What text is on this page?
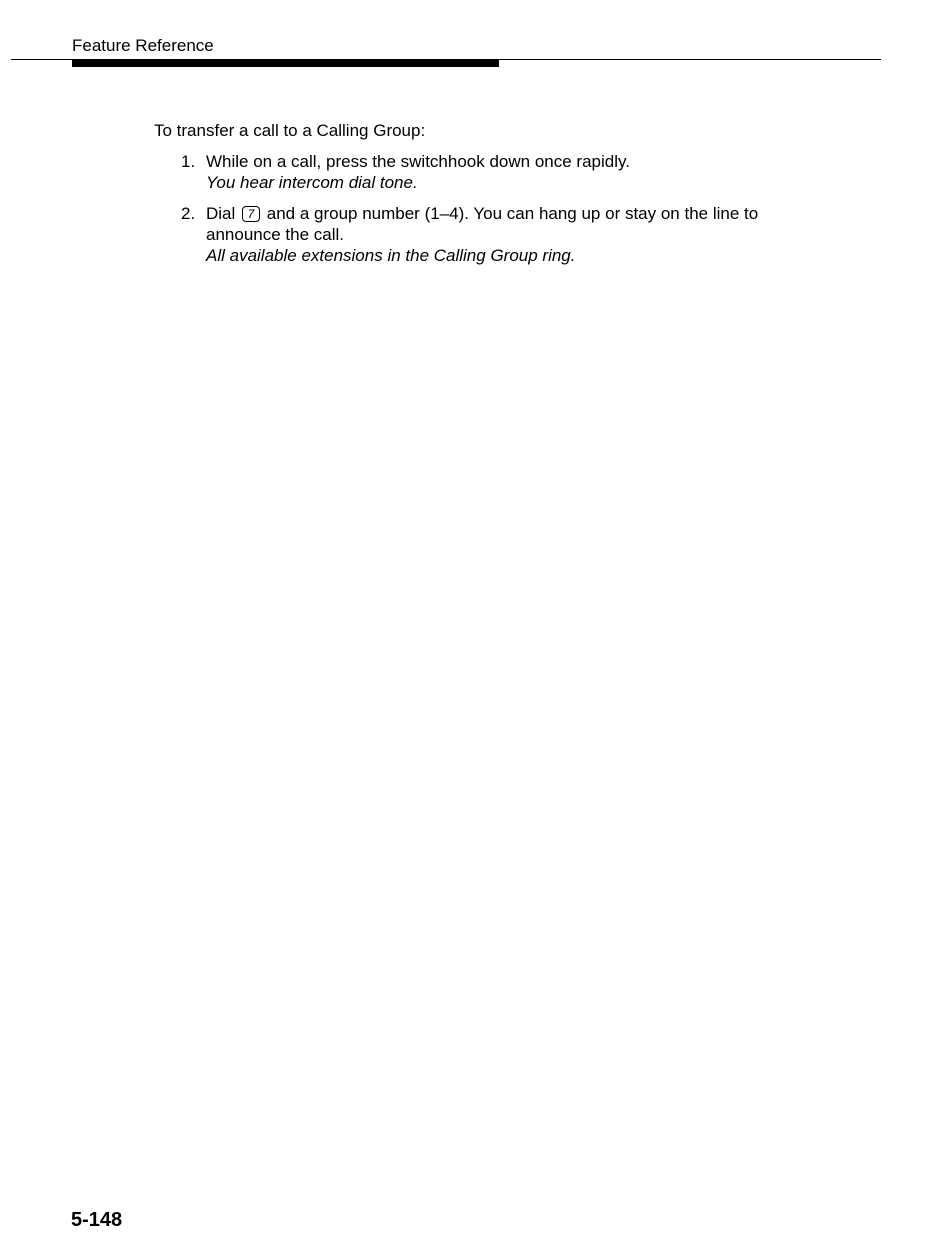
Feature Reference

To transfer a call to a Calling Group:

1. While on a call, press the switchhook down once rapidly.
You hear intercom dial tone.
2. Dial 7 and a group number (1–4). You can hang up or stay on the line to announce the call.
All available extensions in the Calling Group ring.
5-148
